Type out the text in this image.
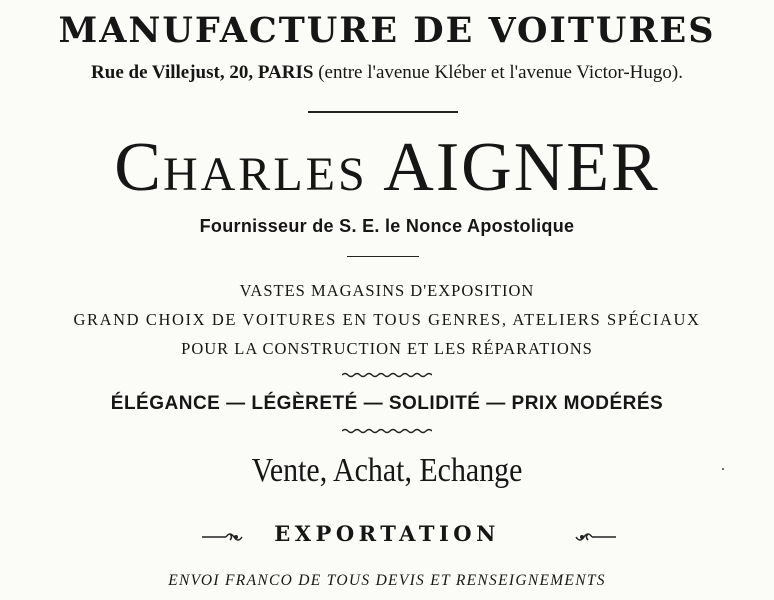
MANUFACTURE DE VOITURES
Rue de Villejust, 20, PARIS (entre l'avenue Kléber et l'avenue Victor-Hugo).
CHARLES AIGNER
Fournisseur de S. E. le Nonce Apostolique
VASTES MAGASINS D'EXPOSITION
GRAND CHOIX DE VOITURES EN TOUS GENRES, ATELIERS SPÉCIAUX
POUR LA CONSTRUCTION ET LES RÉPARATIONS
ÉLÉGANCE — LÉGÈRETÉ — SOLIDITÉ — PRIX MODÉRÉS
Vente, Achat, Echange
EXPORTATION
ENVOI FRANCO DE TOUS DEVIS ET RENSEIGNEMENTS
